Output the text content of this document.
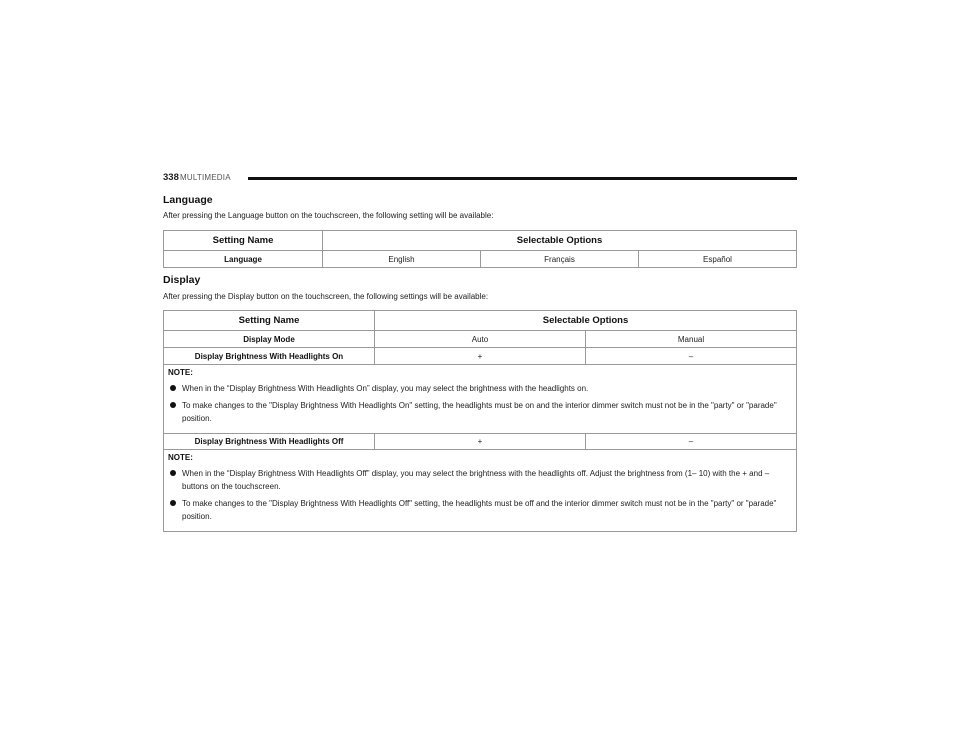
338 MULTIMEDIA
Language
After pressing the Language button on the touchscreen, the following setting will be available:
Setting Name	Selectable Options		
Language	English	Français	Español
Display
After pressing the Display button on the touchscreen, the following settings will be available:
Setting Name	Selectable Options	
Display Mode	Auto	Manual
Display Brightness With Headlights On	+	–

NOTE:
When in the “Display Brightness With Headlights On” display, you may select the brightness with the headlights on.
To make changes to the "Display Brightness With Headlights On" setting, the headlights must be on and the interior dimmer switch must not be in the "party" or "parade" position.		

Display Brightness With Headlights Off	+	–

NOTE:
When in the “Display Brightness With Headlights Off” display, you may select the brightness with the headlights off. Adjust the brightness from (1– 10) with the + and – buttons on the touchscreen.
To make changes to the "Display Brightness With Headlights Off" setting, the headlights must be off and the interior dimmer switch must not be in the "party" or "parade" position.		
